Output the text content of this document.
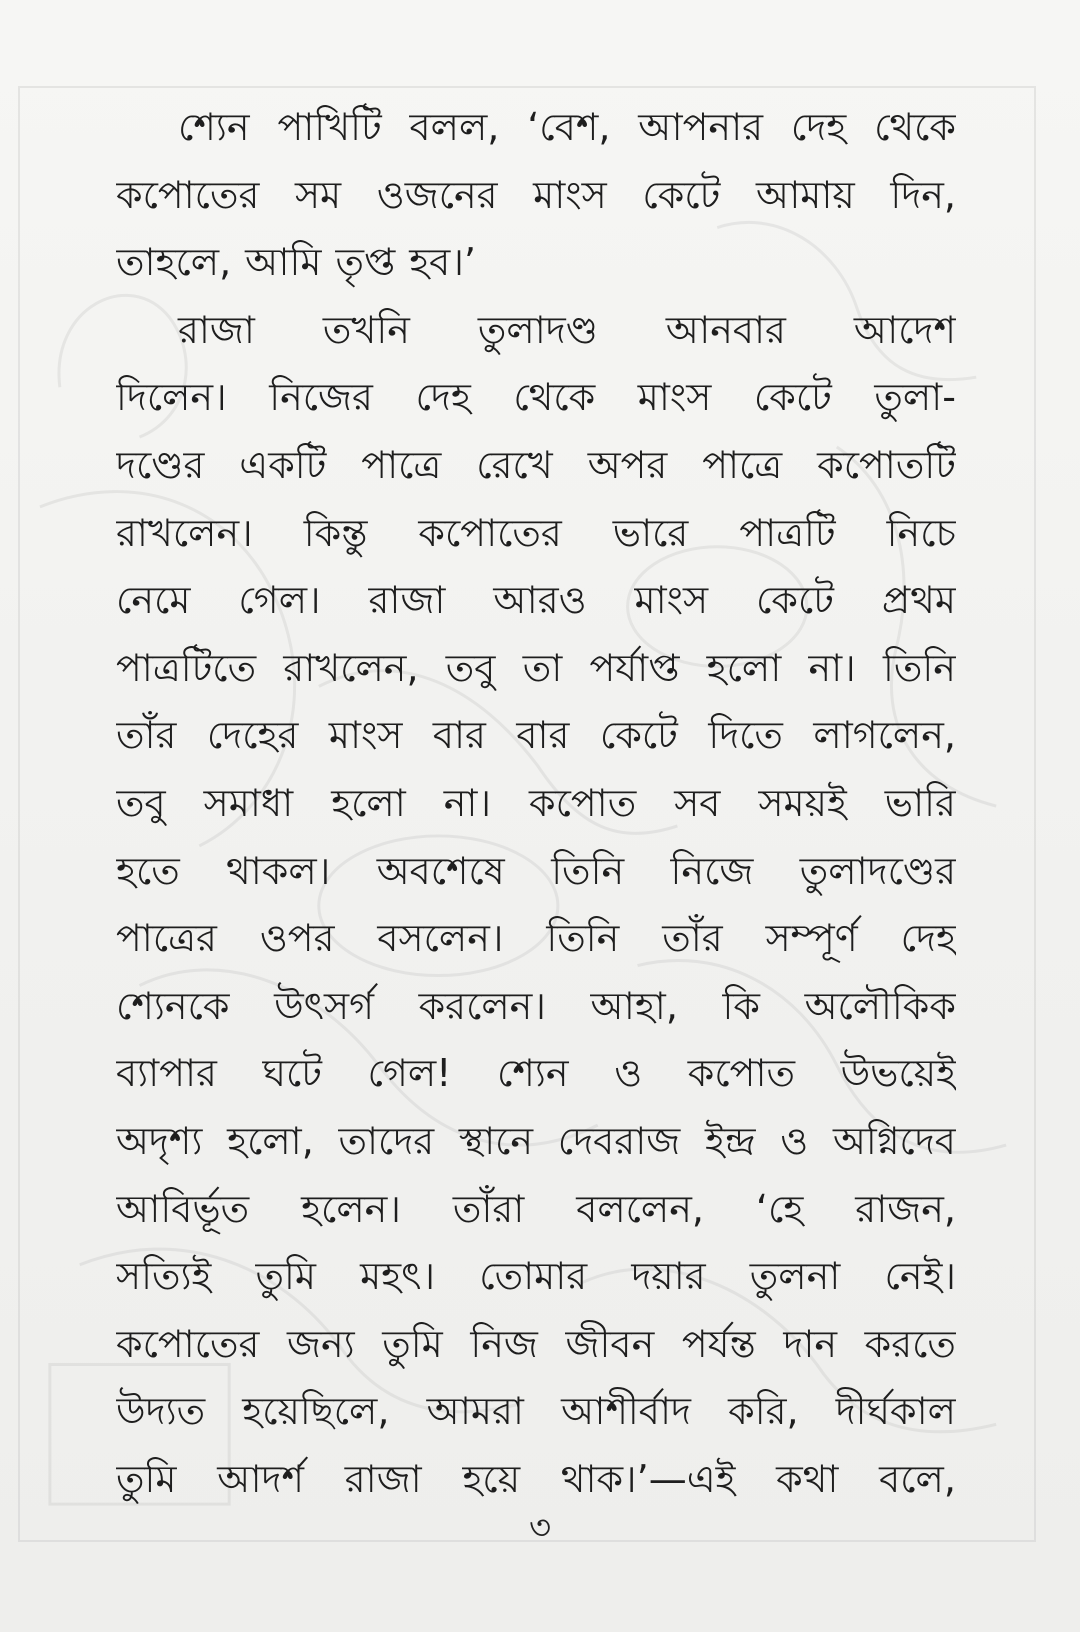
শ্যেন পাখিটি বলল, ‘বেশ, আপনার দেহ থেকে
কপোতের সম ওজনের মাংস কেটে আমায় দিন,
তাহলে, আমি তৃপ্ত হব।’
রাজা তখনি তুলাদণ্ড আনবার আদেশ
দিলেন। নিজের দেহ থেকে মাংস কেটে তুলা-
দণ্ডের একটি পাত্রে রেখে অপর পাত্রে কপোতটি
রাখলেন। কিন্তু কপোতের ভারে পাত্রটি নিচে
নেমে গেল। রাজা আরও মাংস কেটে প্রথম
পাত্রটিতে রাখলেন, তবু তা পর্যাপ্ত হলো না। তিনি
তাঁর দেহের মাংস বার বার কেটে দিতে লাগলেন,
তবু সমাধা হলো না। কপোত সব সময়ই ভারি
হতে থাকল। অবশেষে তিনি নিজে তুলাদণ্ডের
পাত্রের ওপর বসলেন। তিনি তাঁর সম্পূর্ণ দেহ
শ্যেনকে উৎসর্গ করলেন। আহা, কি অলৌকিক
ব্যাপার ঘটে গেল! শ্যেন ও কপোত উভয়েই
অদৃশ্য হলো, তাদের স্থানে দেবরাজ ইন্দ্র ও অগ্নিদেব
আবির্ভূত হলেন। তাঁরা বললেন, ‘হে রাজন,
সত্যিই তুমি মহৎ। তোমার দয়ার তুলনা নেই।
কপোতের জন্য তুমি নিজ জীবন পর্যন্ত দান করতে
উদ্যত হয়েছিলে, আমরা আশীর্বাদ করি, দীর্ঘকাল
তুমি আদর্শ রাজা হয়ে থাক।’—এই কথা বলে,
৩
